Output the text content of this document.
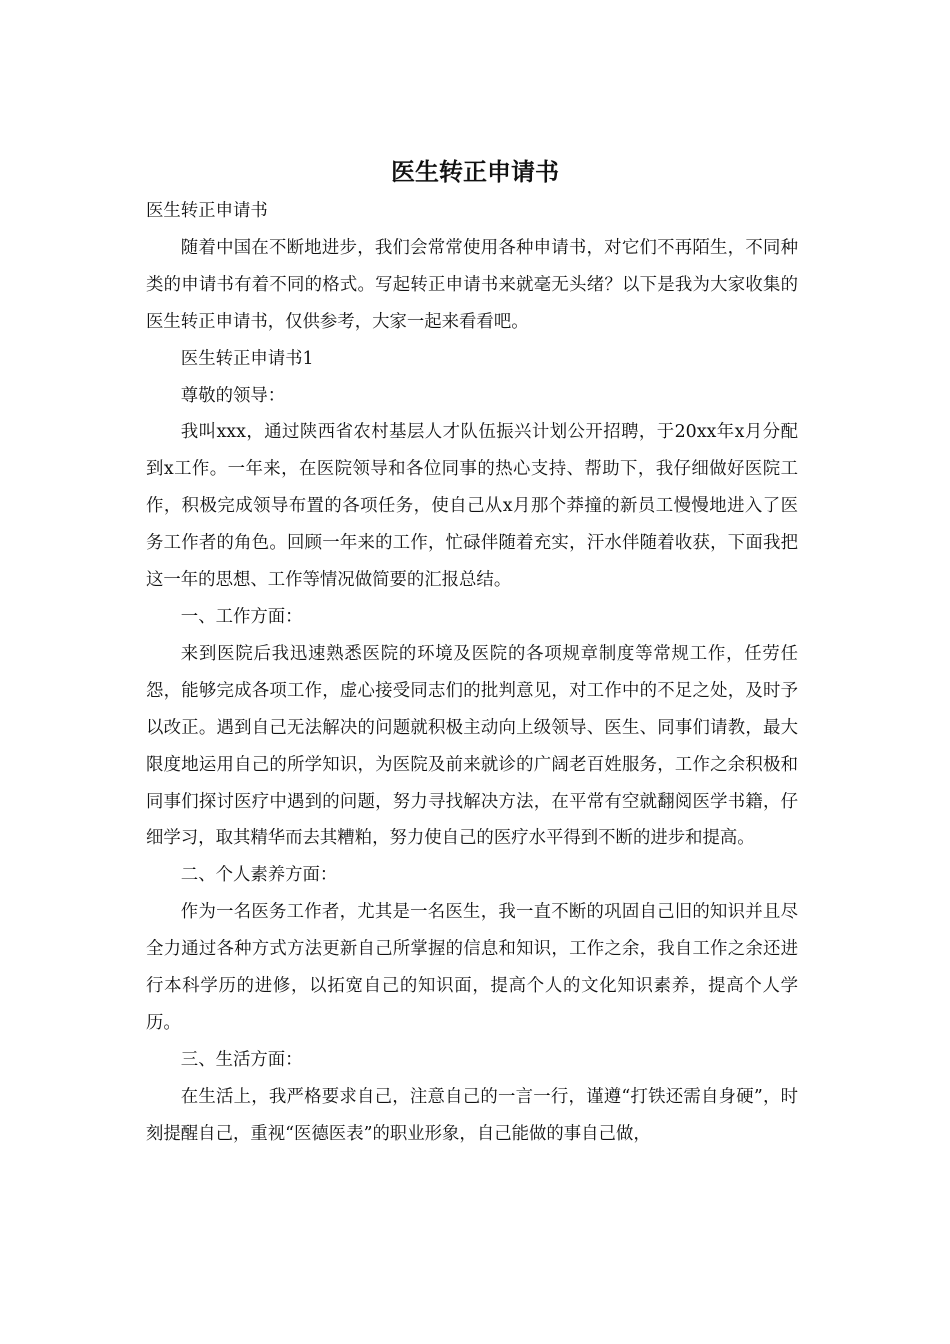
医生转正申请书

医生转正申请书

随着中国在不断地进步，我们会常常使用各种申请书，对它们不再陌生，不同种类的申请书有着不同的格式。写起转正申请书来就毫无头绪？以下是我为大家收集的医生转正申请书，仅供参考，大家一起来看看吧。

医生转正申请书1

尊敬的领导：

我叫xxx，通过陕西省农村基层人才队伍振兴计划公开招聘，于20xx年x月分配到x工作。一年来，在医院领导和各位同事的热心支持、帮助下，我仔细做好医院工作，积极完成领导布置的各项任务，使自己从x月那个莽撞的新员工慢慢地进入了医务工作者的角色。回顾一年来的工作，忙碌伴随着充实，汗水伴随着收获，下面我把这一年的思想、工作等情况做简要的汇报总结。

一、工作方面：

来到医院后我迅速熟悉医院的环境及医院的各项规章制度等常规工作，任劳任怨，能够完成各项工作，虚心接受同志们的批判意见，对工作中的不足之处，及时予以改正。遇到自己无法解决的问题就积极主动向上级领导、医生、同事们请教，最大限度地运用自己的所学知识，为医院及前来就诊的广阔老百姓服务，工作之余积极和同事们探讨医疗中遇到的问题，努力寻找解决方法，在平常有空就翻阅医学书籍，仔细学习，取其精华而去其糟粕，努力使自己的医疗水平得到不断的进步和提高。

二、个人素养方面：

作为一名医务工作者，尤其是一名医生，我一直不断的巩固自己旧的知识并且尽全力通过各种方式方法更新自己所掌握的信息和知识，工作之余，我自工作之余还进行本科学历的进修，以拓宽自己的知识面，提高个人的文化知识素养，提高个人学历。

三、生活方面：

在生活上，我严格要求自己，注意自己的一言一行，谨遵“打铁还需自身硬”，时刻提醒自己，重视“医德医表”的职业形象，自己能做的事自己做，
